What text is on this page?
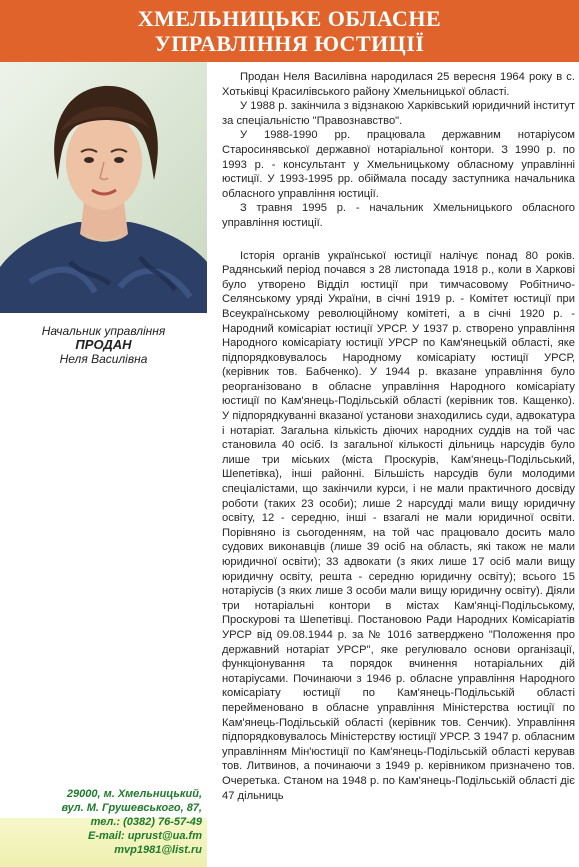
ХМЕЛЬНИЦЬКЕ ОБЛАСНЕ
УПРАВЛІННЯ ЮСТИЦІЇ
Начальник управління
ПРОДАН
Неля Василівна
29000, м. Хмельницький,
вул. М. Грушевського, 87,
тел.: (0382) 76-57-49
E-mail: uprust@ua.fm
mvp1981@list.ru

Продан Неля Василівна народилася 25 вересня 1964 року в с. Хотьківці Красилівського району Хмельницької області.

У 1988 р. закінчила з відзнакою Харківський юридичний інститут за спеціальністю "Правознавство".

У 1988-1990 рр. працювала державним нотаріусом Старосинявської державної нотаріальної контори. З 1990 р. по 1993 р. - консультант у Хмельницькому обласному управлінні юстиції. У 1993-1995 рр. обіймала посаду заступника начальника обласного управління юстиції.

З травня 1995 р. - начальник Хмельницького обласного управління юстиції.

Історія органів української юстиції налічує понад 80 років. Радянський період почався з 28 листопада 1918 р., коли в Харкові було утворено Відділ юстиції при тимчасовому Робітничо-Селянському уряді України, в січні 1919 р. - Комітет юстиції при Всеукраїнському революційному комітеті, а в січні 1920 р. - Народний комісаріат юстиції УРСР. У 1937 р. створено управління Народного комісаріату юстиції УРСР по Кам'янецькій області, яке підпорядковувалось Народному комісаріату юстиції УРСР, (керівник тов. Бабченко). У 1944 р. вказане управління було реорганізовано в обласне управління Народного комісаріату юстиції по Кам'янець-Подільській області (керівник тов. Кащенко). У підпорядкуванні вказаної установи знаходились суди, адвокатура і нотаріат. Загальна кількість діючих народних суддів на той час становила 40 осіб. Із загальної кількості дільниць нарсудів було лише три міських (міста Проскурів, Кам'янець-Подільський, Шепетівка), інші районні. Більшість нарсудів були молодими спеціалістами, що закінчили курси, і не мали практичного досвіду роботи (таких 23 особи); лише 2 нарсудді мали вищу юридичну освіту, 12 - середню, інші - взагалі не мали юридичної освіти. Порівняно із сьогоденням, на той час працювало досить мало судових виконавців (лише 39 осіб на область, які також не мали юридичної освіти); 33 адвокати (з яких лише 17 осіб мали вищу юридичну освіту, решта - середню юридичну освіту); всього 15 нотаріусів (з яких лише 3 особи мали вищу юридичну освіту). Діяли три нотаріальні контори в містах Кам'янці-Подільському, Проскурові та Шепетівці. Постановою Ради Народних Комісаріатів УРСР від 09.08.1944 р. за № 1016 затверджено "Положення про державний нотаріат УРСР", яке регулювало основи організації, функціонування та порядок вчинення нотаріальних дій нотаріусами. Починаючи з 1946 р. обласне управління Народного комісаріату юстиції по Кам'янець-Подільській області перейменовано в обласне управління Міністерства юстиції по Кам'янець-Подільській області (керівник тов. Сенчик). Управління підпорядковувалось Міністерству юстиції УРСР. З 1947 р. обласним управлінням Мін'юстиції по Кам'янець-Подільській області керував тов. Литвинов, а починаючи з 1949 р. керівником призначено тов. Очеретька. Станом на 1948 р. по Кам'янець-Подільській області діє 47 дільниць
